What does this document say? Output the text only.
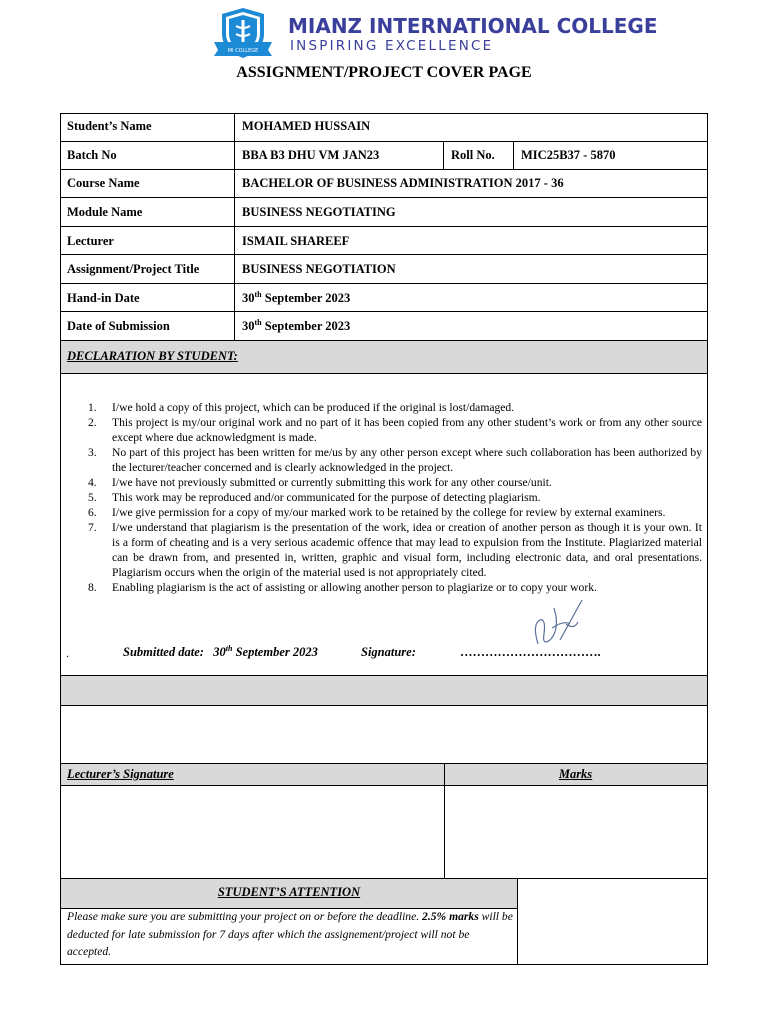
MI COLLEGE
MIANZ INTERNATIONAL COLLEGE
INSPIRING EXCELLENCE
ASSIGNMENT/PROJECT COVER PAGE
Student’s Name	MOHAMED HUSSAIN
Batch No	BBA B3 DHU VM JAN23	Roll No. MIC25B37 - 5870
Course Name	BACHELOR OF BUSINESS ADMINISTRATION 2017 - 36
Module Name	BUSINESS NEGOTIATING
Lecturer	ISMAIL SHAREEF
Assignment/Project Title	BUSINESS NEGOTIATION
Hand-in Date	30th September 2023
Date of Submission	30th September 2023
DECLARATION BY STUDENT:
1. I/we hold a copy of this project, which can be produced if the original is lost/damaged.
2. This project is my/our original work and no part of it has been copied from any other student’s work or from any other source except where due acknowledgment is made.
3. No part of this project has been written for me/us by any other person except where such collaboration has been authorized by the lecturer/teacher concerned and is clearly acknowledged in the project.
4. I/we have not previously submitted or currently submitting this work for any other course/unit.
5. This work may be reproduced and/or communicated for the purpose of detecting plagiarism.
6. I/we give permission for a copy of my/our marked work to be retained by the college for review by external examiners.
7. I/we understand that plagiarism is the presentation of the work, idea or creation of another person as though it is your own. It is a form of cheating and is a very serious academic offence that may lead to expulsion from the Institute. Plagiarized material can be drawn from, and presented in, written, graphic and visual form, including electronic data, and oral presentations. Plagiarism occurs when the origin of the material used is not appropriately cited.
8. Enabling plagiarism is the act of assisting or allowing another person to plagiarize or to copy your work.
.	Submitted date: 30th September 2023	Signature:	…………………………….
Lecturer’s Signature	Marks
STUDENT’S ATTENTION
Please make sure you are submitting your project on or before the deadline. 2.5% marks will be deducted for late submission for 7 days after which the assignement/project will not be accepted.
